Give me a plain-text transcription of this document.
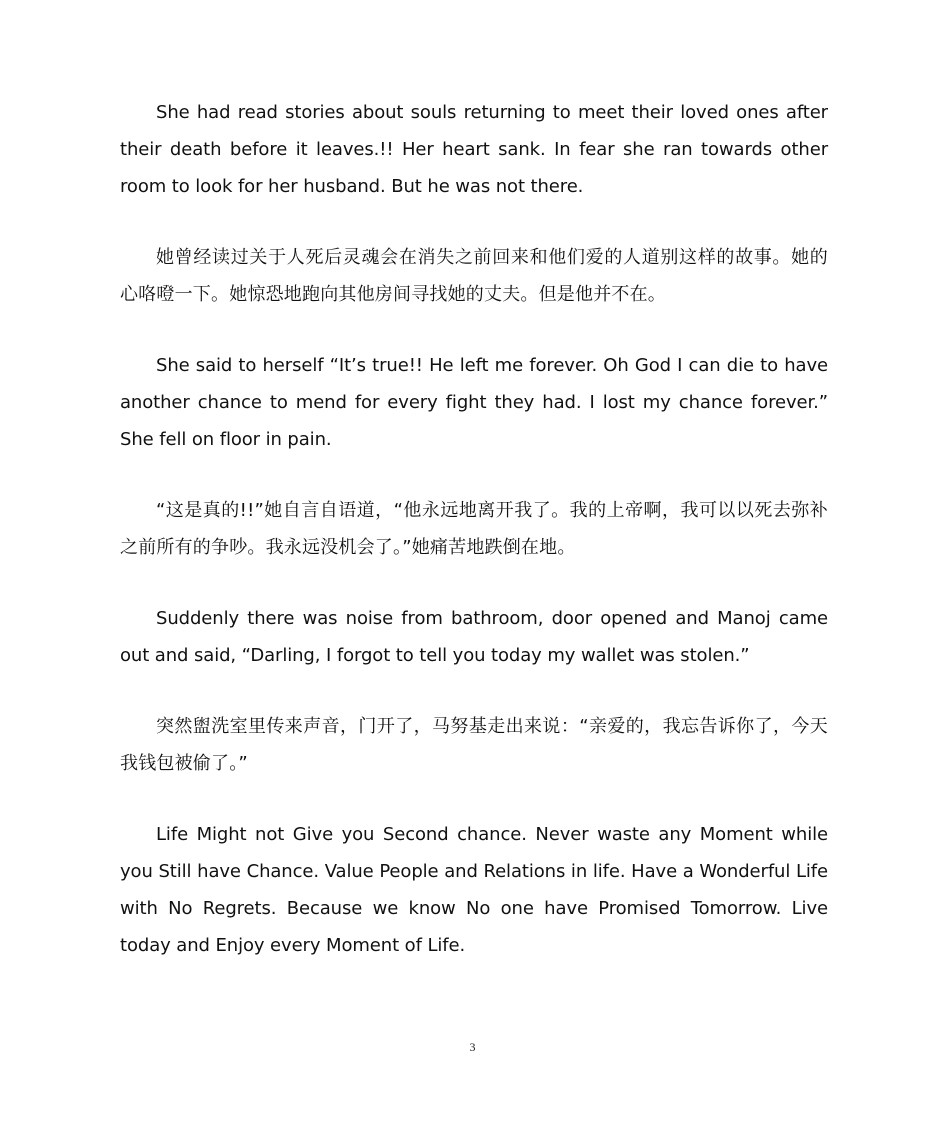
She had read stories about souls returning to meet their loved ones after their death before it leaves.!! Her heart sank. In fear she ran towards other room to look for her husband. But he was not there.

她曾经读过关于人死后灵魂会在消失之前回来和他们爱的人道别这样的故事。她的心咯噔一下。她惊恐地跑向其他房间寻找她的丈夫。但是他并不在。

She said to herself “It’s true!! He left me forever. Oh God I can die to have another chance to mend for every fight they had. I lost my chance forever.” She fell on floor in pain.

“这是真的!!”她自言自语道，“他永远地离开我了。我的上帝啊，我可以以死去弥补之前所有的争吵。我永远没机会了。”她痛苦地跌倒在地。

Suddenly there was noise from bathroom, door opened and Manoj came out and said, “Darling, I forgot to tell you today my wallet was stolen.”

突然盥洗室里传来声音，门开了，马努基走出来说：“亲爱的，我忘告诉你了，今天我钱包被偷了。”

Life Might not Give you Second chance. Never waste any Moment while you Still have Chance. Value People and Relations in life. Have a Wonderful Life with No Regrets. Because we know No one have Promised Tomorrow. Live today and Enjoy every Moment of Life.

3
